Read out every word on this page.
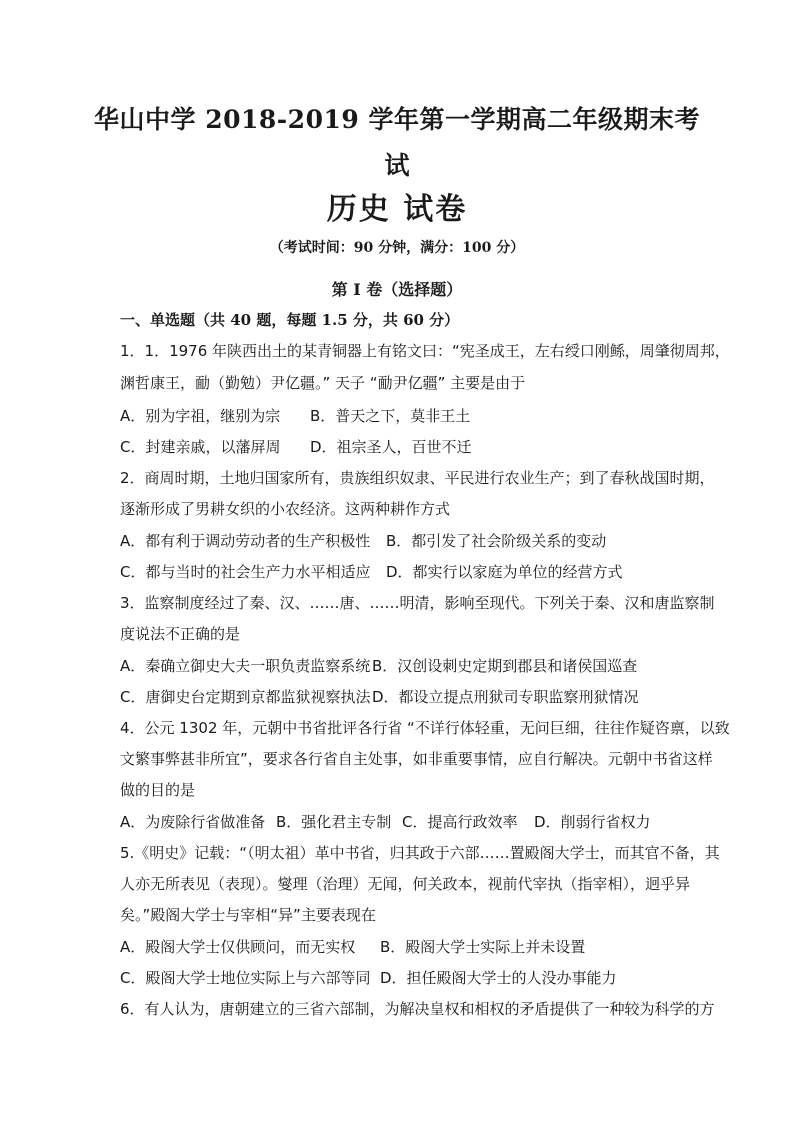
华山中学 2018-2019 学年第一学期高二年级期末考
试
历史 试卷
（考试时间：90 分钟，满分：100 分）
第 I 卷（选择题）
一、单选题（共 40 题，每题 1.5 分，共 60 分）
1．1．1976 年陕西出土的某青铜器上有铭文曰：“宪圣成王，左右绶口刚鲧，周肇彻周邦，
渊哲康王，勔（勤勉）尹亿疆。” 天子 “勔尹亿疆” 主要是由于
A．别为字祖，继别为宗 B．普天之下，莫非王土
C．封建亲戚，以藩屏周 D．祖宗圣人，百世不迁
2．商周时期，土地归国家所有，贵族组织奴隶、平民进行农业生产；到了春秋战国时期，
逐渐形成了男耕女织的小农经济。这两种耕作方式
A．都有利于调动劳动者的生产积极性 B．都引发了社会阶级关系的变动
C．都与当时的社会生产力水平相适应 D．都实行以家庭为单位的经营方式
3．监察制度经过了秦、汉、……唐、……明清，影响至现代。下列关于秦、汉和唐监察制
度说法不正确的是
A．秦确立御史大夫一职负责监察系统 B．汉创设刺史定期到郡县和诸侯国巡查
C．唐御史台定期到京都监狱视察执法 D．都设立提点刑狱司专职监察刑狱情况
4．公元 1302 年，元朝中书省批评各行省 “不详行体轻重，无问巨细，往往作疑咨禀，以致
文繁事弊甚非所宜”，要求各行省自主处事，如非重要事情，应自行解决。元朝中书省这样
做的目的是
A．为废除行省做准备 B．强化君主专制 C．提高行政效率 D．削弱行省权力
5.《明史》记载：“（明太祖）革中书省，归其政于六部……置殿阁大学士，而其官不备，其
人亦无所表见（表现）。燮理（治理）无闻，何关政本，视前代宰执（指宰相），迥乎异
矣。”殿阁大学士与宰相“异”主要表现在
A．殿阁大学士仅供顾问，而无实权 B．殿阁大学士实际上并未设置
C．殿阁大学士地位实际上与六部等同 D．担任殿阁大学士的人没办事能力
6．有人认为，唐朝建立的三省六部制，为解决皇权和相权的矛盾提供了一种较为科学的方
